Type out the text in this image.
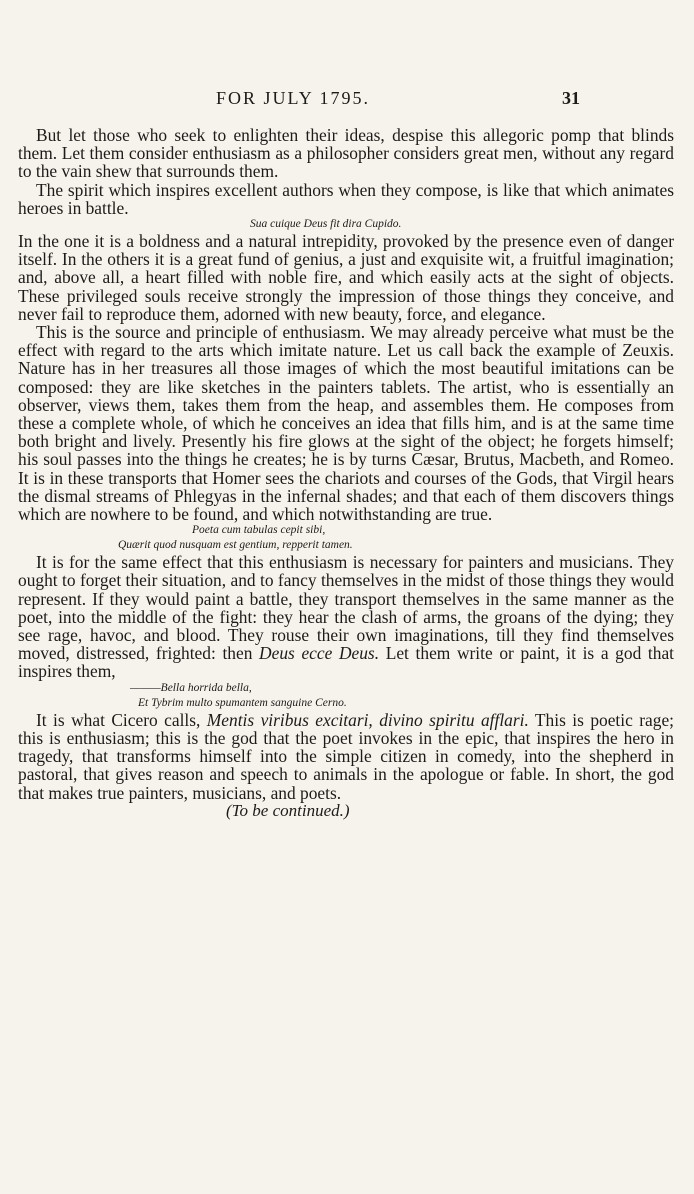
FOR JULY 1795.	31

But let those who seek to enlighten their ideas, despise this allegoric pomp that blinds them. Let them consider enthusiasm as a philosopher considers great men, without any regard to the vain shew that surrounds them.

The spirit which inspires excellent authors when they compose, is like that which animates heroes in battle.

Sua cuique Deus fit dira Cupido.

In the one it is a boldness and a natural intrepidity, provoked by the presence even of danger itself. In the others it is a great fund of genius, a just and exquisite wit, a fruitful imagination; and, above all, a heart filled with noble fire, and which easily acts at the sight of objects. These privileged souls receive strongly the impression of those things they conceive, and never fail to reproduce them, adorned with new beauty, force, and elegance.

This is the source and principle of enthusiasm. We may already perceive what must be the effect with regard to the arts which imitate nature. Let us call back the example of Zeuxis. Nature has in her treasures all those images of which the most beautiful imitations can be composed: they are like sketches in the painters tablets. The artist, who is essentially an observer, views them, takes them from the heap, and assembles them. He composes from these a complete whole, of which he conceives an idea that fills him, and is at the same time both bright and lively. Presently his fire glows at the sight of the object; he forgets himself; his soul passes into the things he creates; he is by turns Cæsar, Brutus, Macbeth, and Romeo. It is in these transports that Homer sees the chariots and courses of the Gods, that Virgil hears the dismal streams of Phlegyas in the infernal shades; and that each of them discovers things which are nowhere to be found, and which notwithstanding are true.

Poeta cum tabulas cepit sibi,

Quærit quod nusquam est gentium, repperit tamen.

It is for the same effect that this enthusiasm is necessary for painters and musicians. They ought to forget their situation, and to fancy themselves in the midst of those things they would represent. If they would paint a battle, they transport themselves in the same manner as the poet, into the middle of the fight: they hear the clash of arms, the groans of the dying; they see rage, havoc, and blood. They rouse their own imaginations, till they find themselves moved, distressed, frighted: then Deus ecce Deus. Let them write or paint, it is a god that inspires them,

———Bella horrida bella,

Et Tybrim multo spumantem sanguine Cerno.

It is what Cicero calls, Mentis viribus excitari, divino spiritu afflari. This is poetic rage; this is enthusiasm; this is the god that the poet invokes in the epic, that inspires the hero in tragedy, that transforms himself into the simple citizen in comedy, into the shepherd in pastoral, that gives reason and speech to animals in the apologue or fable. In short, the god that makes true painters, musicians, and poets.

(To be continued.)
